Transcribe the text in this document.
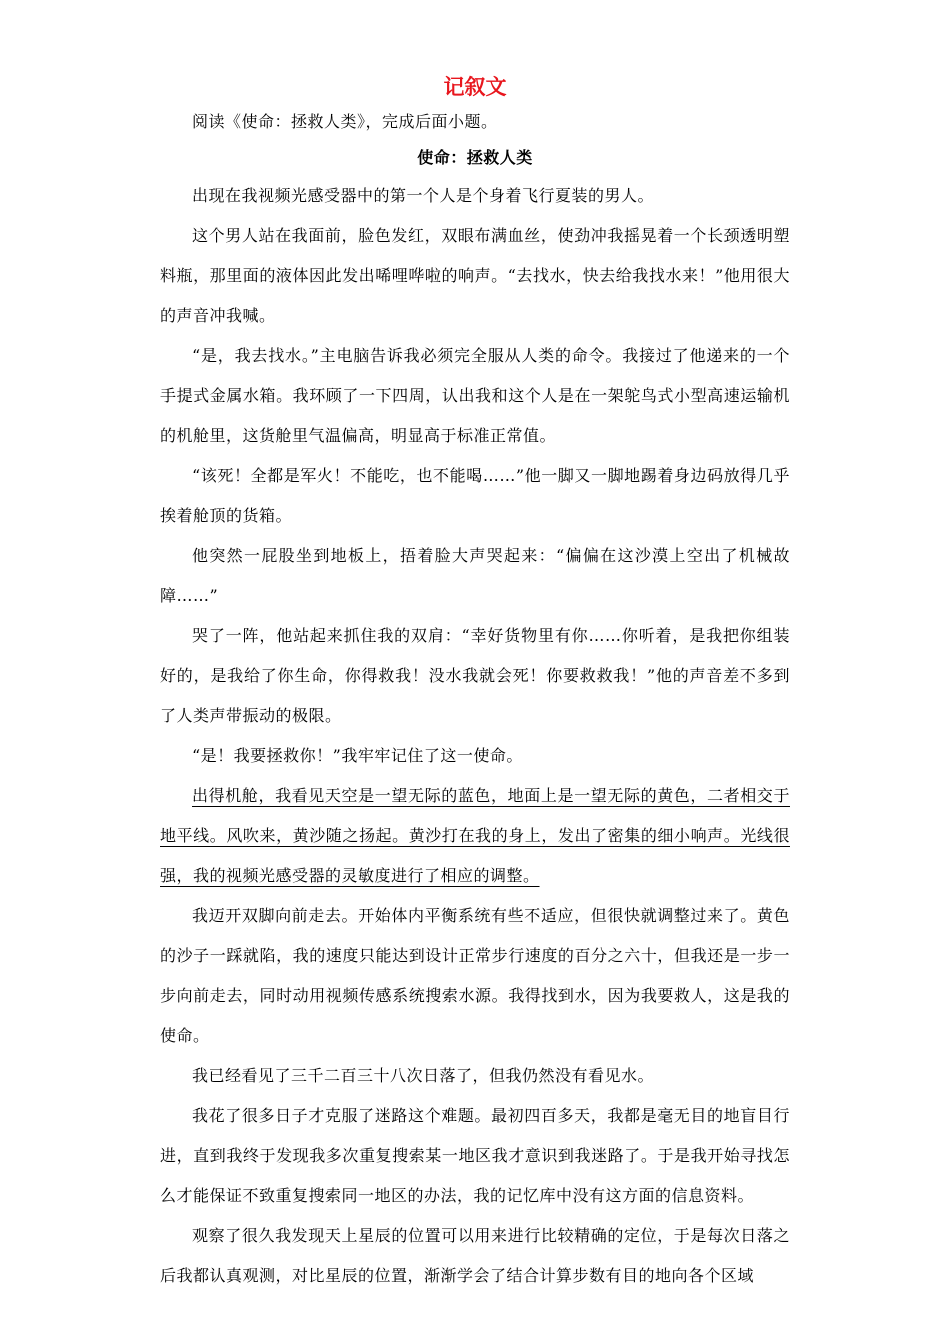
记叙文

阅读《使命：拯救人类》，完成后面小题。

使命：拯救人类

出现在我视频光感受器中的第一个人是个身着飞行夏装的男人。

这个男人站在我面前，脸色发红，双眼布满血丝，使劲冲我摇晃着一个长颈透明塑料瓶，那里面的液体因此发出唏哩哗啦的响声。“去找水，快去给我找水来！”他用很大的声音冲我喊。

“是，我去找水。”主电脑告诉我必须完全服从人类的命令。我接过了他递来的一个手提式金属水箱。我环顾了一下四周，认出我和这个人是在一架鸵鸟式小型高速运输机的机舱里，这货舱里气温偏高，明显高于标准正常值。

“该死！全都是军火！不能吃，也不能喝……”他一脚又一脚地踢着身边码放得几乎挨着舱顶的货箱。

他突然一屁股坐到地板上，捂着脸大声哭起来：“偏偏在这沙漠上空出了机械故障……”

哭了一阵，他站起来抓住我的双肩：“幸好货物里有你……你听着，是我把你组装好的，是我给了你生命，你得救我！没水我就会死！你要救救我！”他的声音差不多到了人类声带振动的极限。

“是！我要拯救你！”我牢牢记住了这一使命。

出得机舱，我看见天空是一望无际的蓝色，地面上是一望无际的黄色，二者相交于地平线。风吹来，黄沙随之扬起。黄沙打在我的身上，发出了密集的细小响声。光线很强，我的视频光感受器的灵敏度进行了相应的调整。

我迈开双脚向前走去。开始体内平衡系统有些不适应，但很快就调整过来了。黄色的沙子一踩就陷，我的速度只能达到设计正常步行速度的百分之六十，但我还是一步一步向前走去，同时动用视频传感系统搜索水源。我得找到水，因为我要救人，这是我的使命。

我已经看见了三千二百三十八次日落了，但我仍然没有看见水。

我花了很多日子才克服了迷路这个难题。最初四百多天，我都是毫无目的地盲目行进，直到我终于发现我多次重复搜索某一地区我才意识到我迷路了。于是我开始寻找怎么才能保证不致重复搜索同一地区的办法，我的记忆库中没有这方面的信息资料。

观察了很久我发现天上星辰的位置可以用来进行比较精确的定位，于是每次日落之后我都认真观测，对比星辰的位置，渐渐学会了结合计算步数有目的地向各个区域
